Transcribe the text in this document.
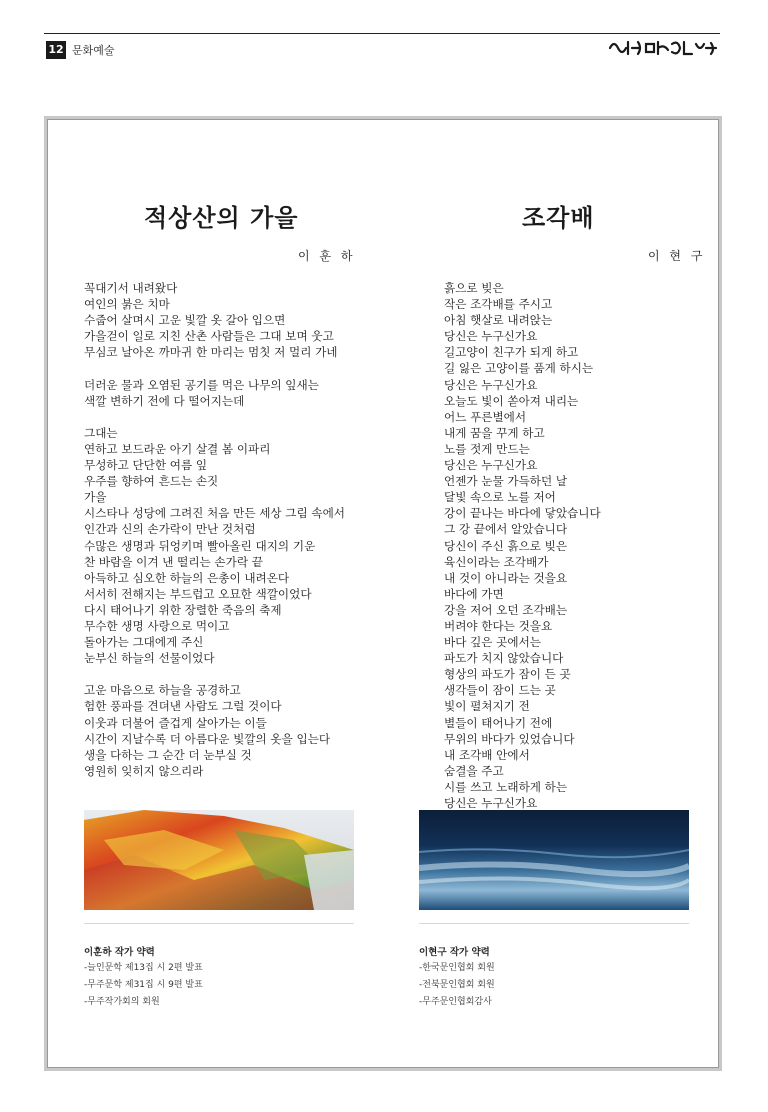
12 문화예술
적상산의 가을
이 훈 하
꼭대기서 내려왔다
여인의 붉은 치마
수줍어 살며시 고운 빛깔 옷 갈아 입으면
가을걷이 일로 지친 산촌 사람들은 그대 보며 웃고
무심코 날아온 까마귀 한 마리는 멈칫 저 멀리 가네

더러운 물과 오염된 공기를 먹은 나무의 잎새는
색깔 변하기 전에 다 떨어지는데

그대는
연하고 보드라운 아기 살결 봄 이파리
무성하고 단단한 여름 잎
우주를 향하여 흔드는 손짓
가을
시스타나 성당에 그려진 처음 만든 세상 그림 속에서
인간과 신의 손가락이 만난 것처럼
수많은 생명과 뒤엉키며 빨아올린 대지의 기운
찬 바람을 이겨 낸 떨리는 손가락 끝
아득하고 심오한 하늘의 은총이 내려온다
서서히 전해지는 부드럽고 오묘한 색깔이었다
다시 태어나기 위한 장렬한 죽음의 축제
무수한 생명 사랑으로 먹이고
돌아가는 그대에게 주신
눈부신 하늘의 선물이었다

고운 마음으로 하늘을 공경하고
험한 풍파를 견뎌낸 사람도 그럴 것이다
이웃과 더불어 즐겁게 살아가는 이들
시간이 지날수록 더 아름다운 빛깔의 옷을 입는다
생을 다하는 그 순간 더 눈부실 것
영원히 잊히지 않으리라
이훈하 작가 약력
-늘인문학 제13집 시 2편 발표
-무주문학 제31집 시 9편 발표
-무주작가회의 회원
조각배
이 현 구
흙으로 빚은
작은 조각배를 주시고
아침 햇살로 내려앉는
당신은 누구신가요
길고양이 친구가 되게 하고
길 잃은 고양이를 품게 하시는
당신은 누구신가요
오늘도 빛이 쏟아져 내리는
어느 푸른별에서
내게 꿈을 꾸게 하고
노를 젓게 만드는
당신은 누구신가요
언젠가 눈물 가득하던 날
달빛 속으로 노를 저어
강이 끝나는 바다에 닿았습니다
그 강 끝에서 알았습니다
당신이 주신 흙으로 빚은
육신이라는 조각배가
내 것이 아니라는 것을요
바다에 가면
강을 저어 오던 조각배는
버려야 한다는 것을요
바다 깊은 곳에서는
파도가 치지 않았습니다
형상의 파도가 잠이 든 곳
생각들이 잠이 드는 곳
빛이 펼쳐지기 전
별들이 태어나기 전에
무위의 바다가 있었습니다
내 조각배 안에서
숨결을 주고
시를 쓰고 노래하게 하는
당신은 누구신가요
이현구 작가 약력
-한국문인협회 회원
-전북문인협회 회원
-무주문인협회감사
